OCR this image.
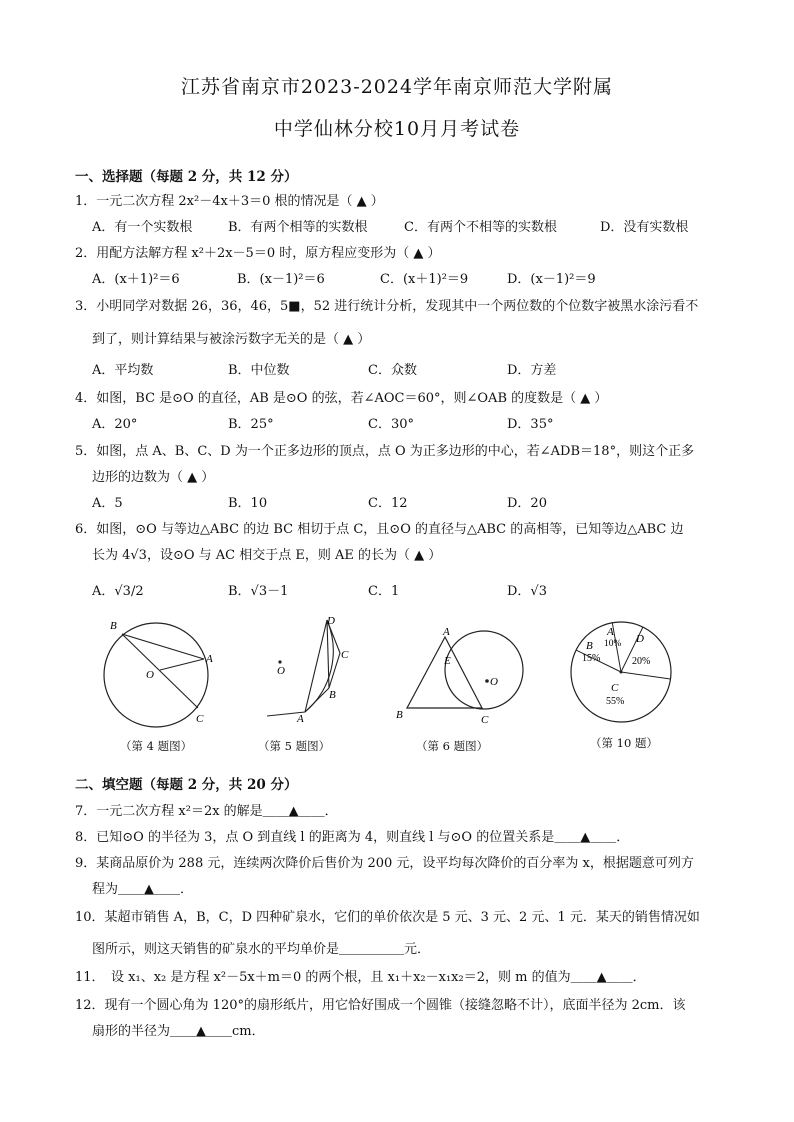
江苏省南京市2023-2024学年南京师范大学附属
中学仙林分校10月月考试卷
一、选择题（每题 2 分，共 12 分）
1．一元二次方程 2x²－4x＋3＝0 根的情况是（ ▲ ）
A．有一个实数根	B．有两个相等的实数根	C．有两个不相等的实数根	D．没有实数根
2．用配方法解方程 x²＋2x－5＝0 时，原方程应变形为（ ▲ ）
A．(x＋1)²＝6	B．(x－1)²＝6	C．(x＋1)²＝9	D．(x－1)²＝9
3．小明同学对数据 26，36，46，5■，52 进行统计分析，发现其中一个两位数的个位数字被黑水涂污看不
到了，则计算结果与被涂污数字无关的是（ ▲ ）
A．平均数	B．中位数	C．众数	D．方差
4．如图，BC 是⊙O 的直径，AB 是⊙O 的弦，若∠AOC＝60°，则∠OAB 的度数是（ ▲ ）
A．20°	B．25°	C．30°	D．35°
5．如图，点 A、B、C、D 为一个正多边形的顶点，点 O 为正多边形的中心，若∠ADB＝18°，则这个正多
边形的边数为（ ▲ ）
A．5	B．10	C．12	D．20
6．如图，⊙O 与等边△ABC 的边 BC 相切于点 C，且⊙O 的直径与△ABC 的高相等，已知等边△ABC 边
长为 4√3，设⊙O 与 AC 相交于点 E，则 AE 的长为（ ▲ ）
A．√3/2	B．√3－1	C．1	D．√3
B
A
O
C
（第 4 题图）
D
C
B
A
O
（第 5 题图）
A
E
O
B	C
（第 6 题图）
A
10%
B
15%
D
20%
C
55%
（第 10 题）
二、填空题（每题 2 分，共 20 分）
7．一元二次方程 x²＝2x 的解是＿＿▲＿＿．
8．已知⊙O 的半径为 3，点 O 到直线 l 的距离为 4，则直线 l 与⊙O 的位置关系是＿＿▲＿＿．
9．某商品原价为 288 元，连续两次降价后售价为 200 元，设平均每次降价的百分率为 x，根据题意可列方
程为＿＿▲＿＿．
10．某超市销售 A，B，C，D 四种矿泉水，它们的单价依次是 5 元、3 元、2 元、1 元．某天的销售情况如
图所示，则这天销售的矿泉水的平均单价是＿＿＿＿＿元．
11．　设 x₁、x₂ 是方程 x²－5x＋m＝0 的两个根，且 x₁＋x₂－x₁x₂＝2，则 m 的值为＿＿▲＿＿．
12．现有一个圆心角为 120°的扇形纸片，用它恰好围成一个圆锥（接缝忽略不计），底面半径为 2cm．该
扇形的半径为＿＿▲＿＿cm．
